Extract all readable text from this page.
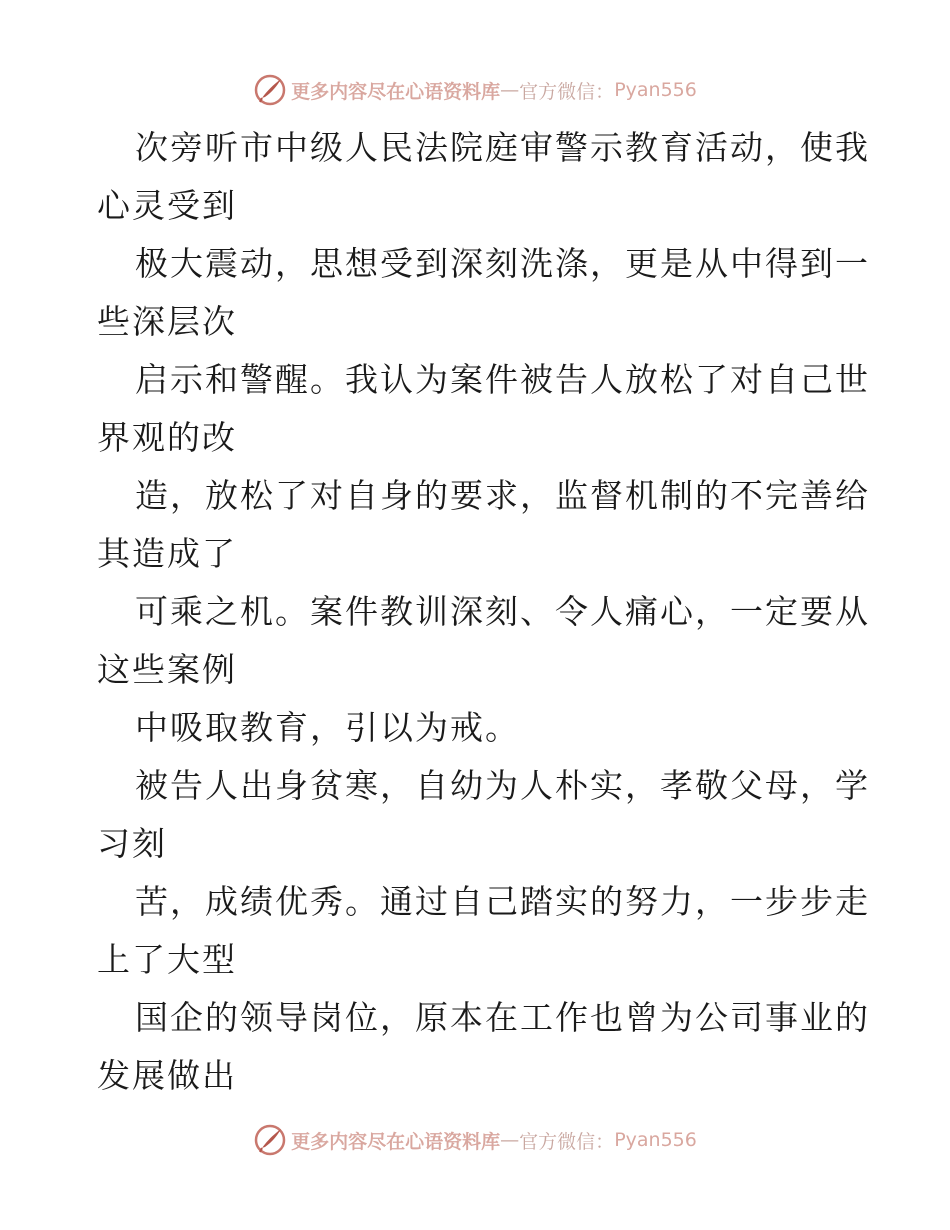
更多内容尽在心语资料库 — 官方微信： Pyan556
次旁听市中级人民法院庭审警示教育活动，使我
心灵受到
极大震动，思想受到深刻洗涤，更是从中得到一
些深层次
启示和警醒。我认为案件被告人放松了对自己世
界观的改
造，放松了对自身的要求，监督机制的不完善给
其造成了
可乘之机。案件教训深刻、令人痛心，一定要从
这些案例
中吸取教育，引以为戒。
被告人出身贫寒，自幼为人朴实，孝敬父母，学
习刻
苦，成绩优秀。通过自己踏实的努力，一步步走
上了大型
国企的领导岗位，原本在工作也曾为公司事业的
发展做出
更多内容尽在心语资料库 — 官方微信： Pyan556
